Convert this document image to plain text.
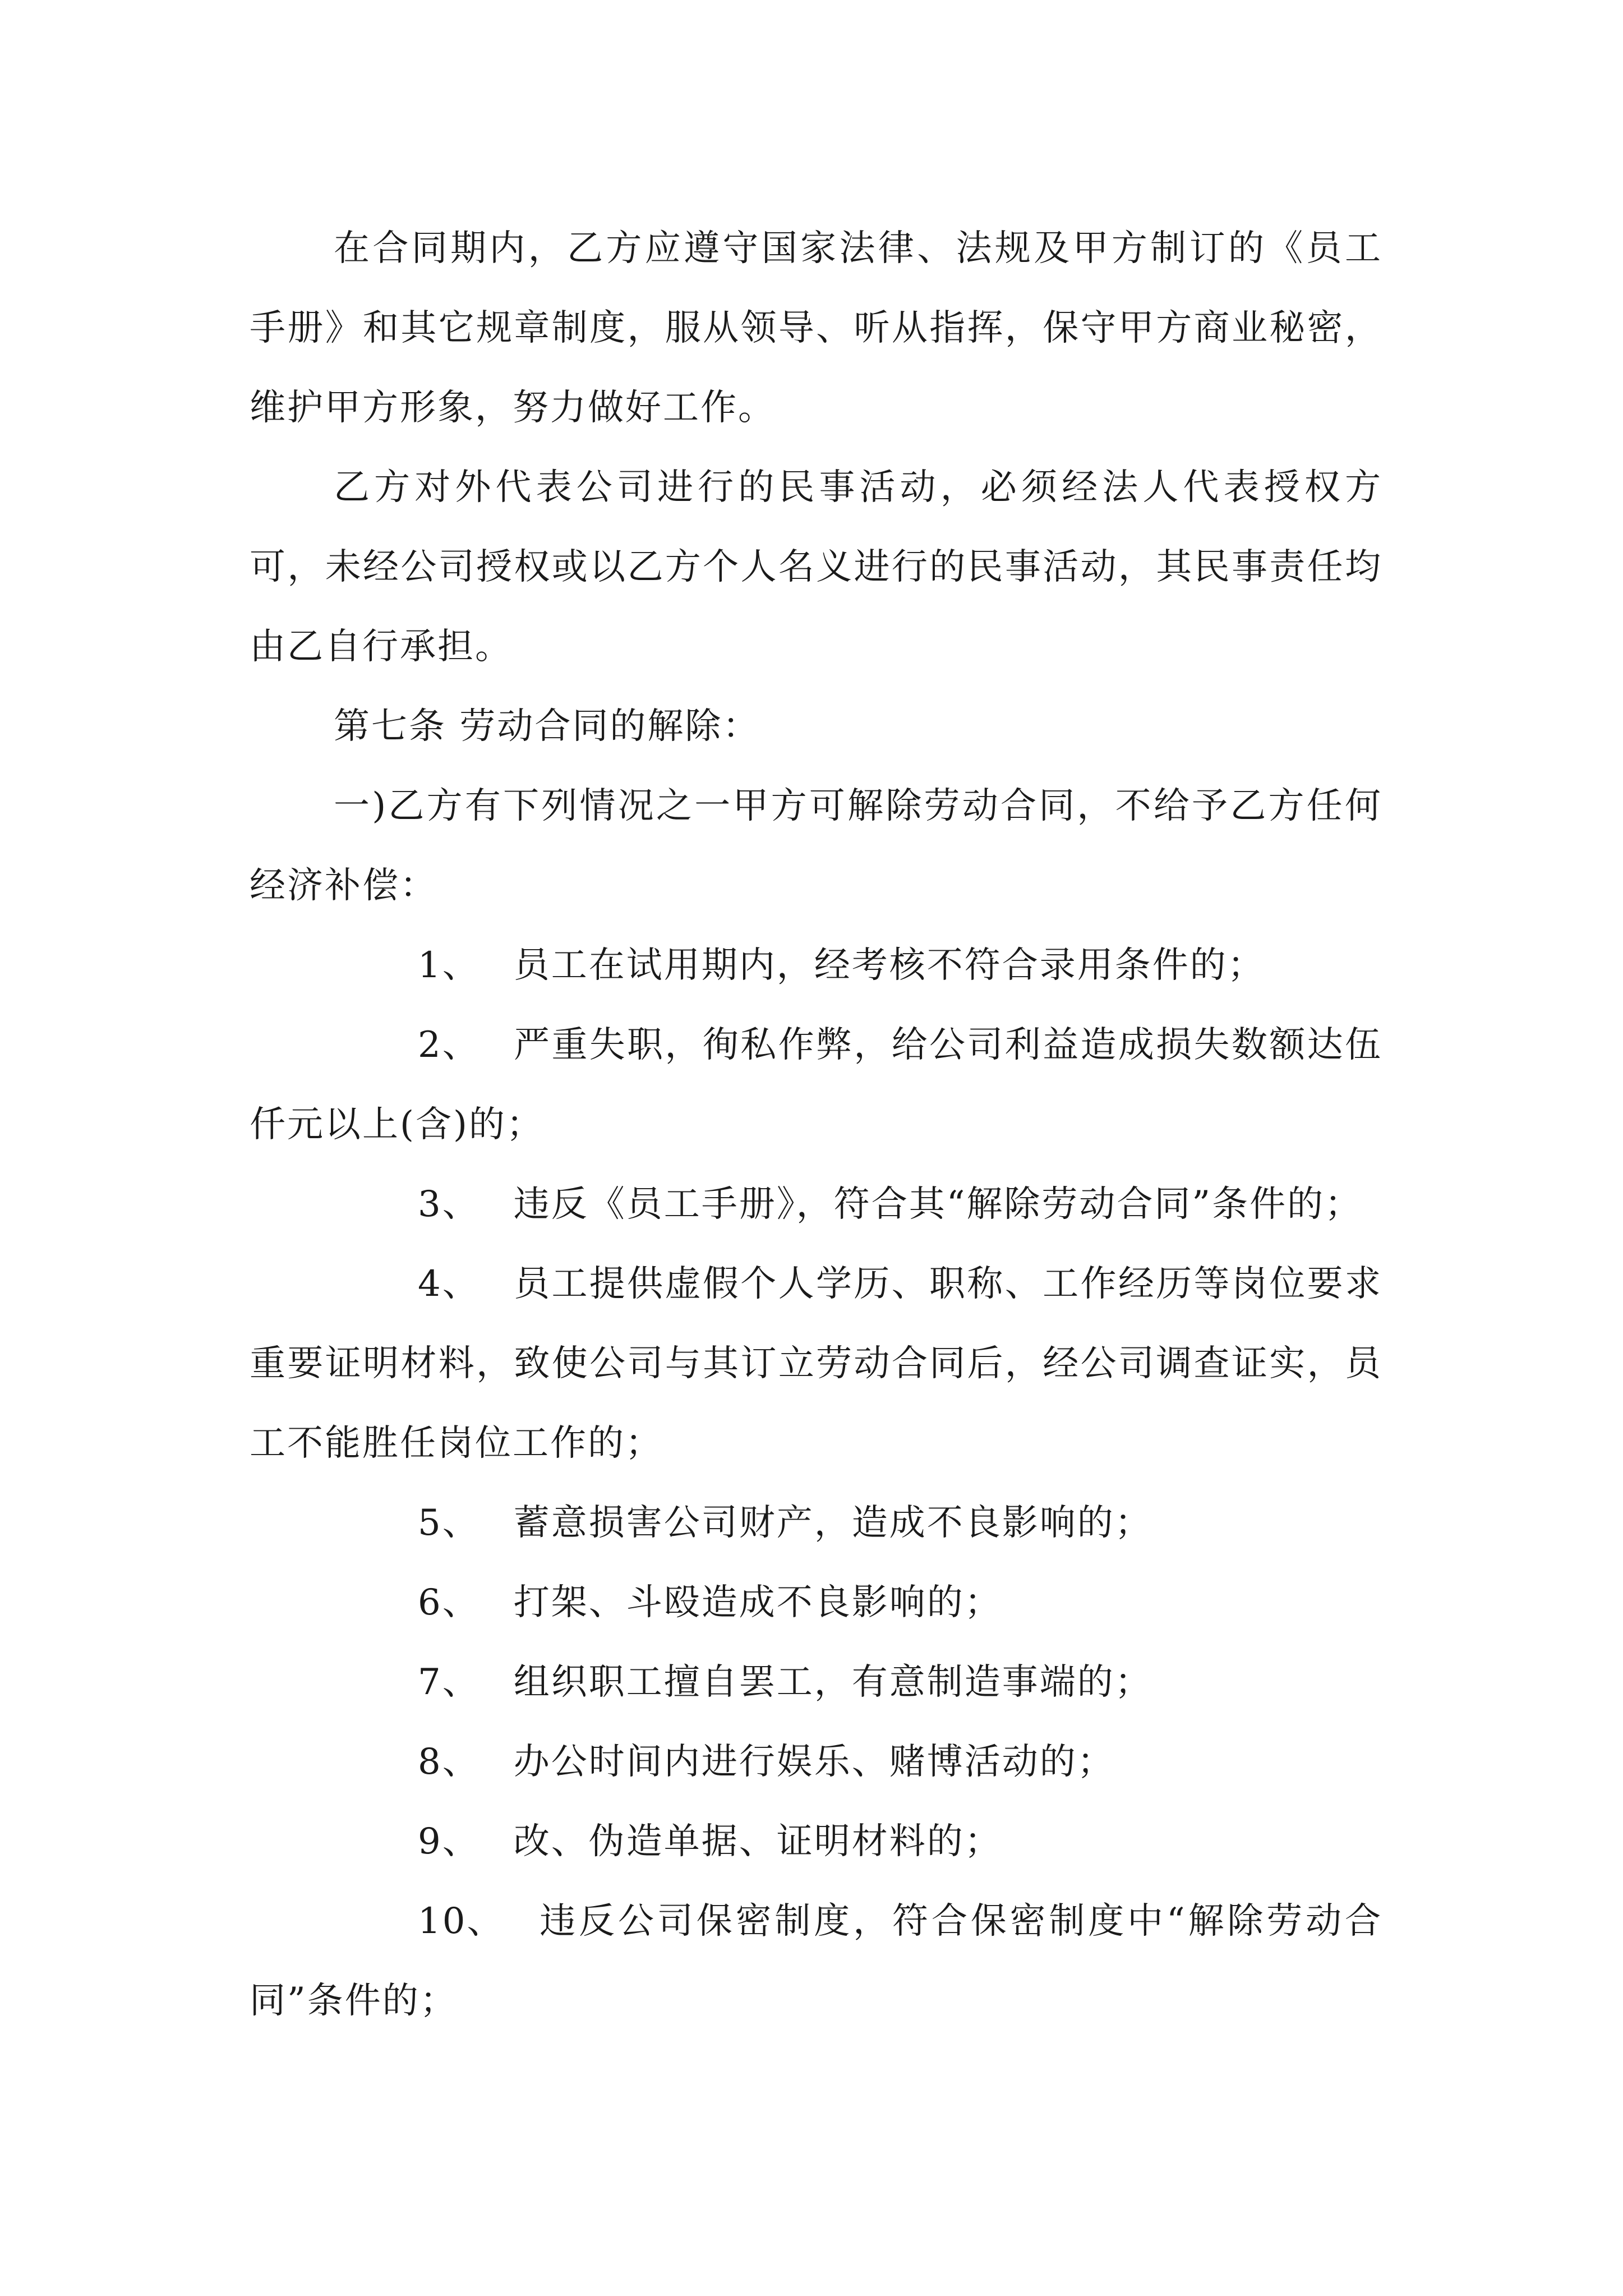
在合同期内，乙方应遵守国家法律、法规及甲方制订的《员工手册》和其它规章制度，服从领导、听从指挥，保守甲方商业秘密，维护甲方形象，努力做好工作。

乙方对外代表公司进行的民事活动，必须经法人代表授权方可，未经公司授权或以乙方个人名义进行的民事活动，其民事责任均由乙自行承担。

第七条 劳动合同的解除：

一)乙方有下列情况之一甲方可解除劳动合同，不给予乙方任何经济补偿：

1、 员工在试用期内，经考核不符合录用条件的；

2、 严重失职，徇私作弊，给公司利益造成损失数额达伍仟元以上(含)的；

3、 违反《员工手册》，符合其“解除劳动合同”条件的；

4、 员工提供虚假个人学历、职称、工作经历等岗位要求重要证明材料，致使公司与其订立劳动合同后，经公司调查证实，员工不能胜任岗位工作的；

5、 蓄意损害公司财产，造成不良影响的；

6、 打架、斗殴造成不良影响的；

7、 组织职工擅自罢工，有意制造事端的；

8、 办公时间内进行娱乐、赌博活动的；

9、 改、伪造单据、证明材料的；

10、 违反公司保密制度，符合保密制度中“解除劳动合同”条件的；
